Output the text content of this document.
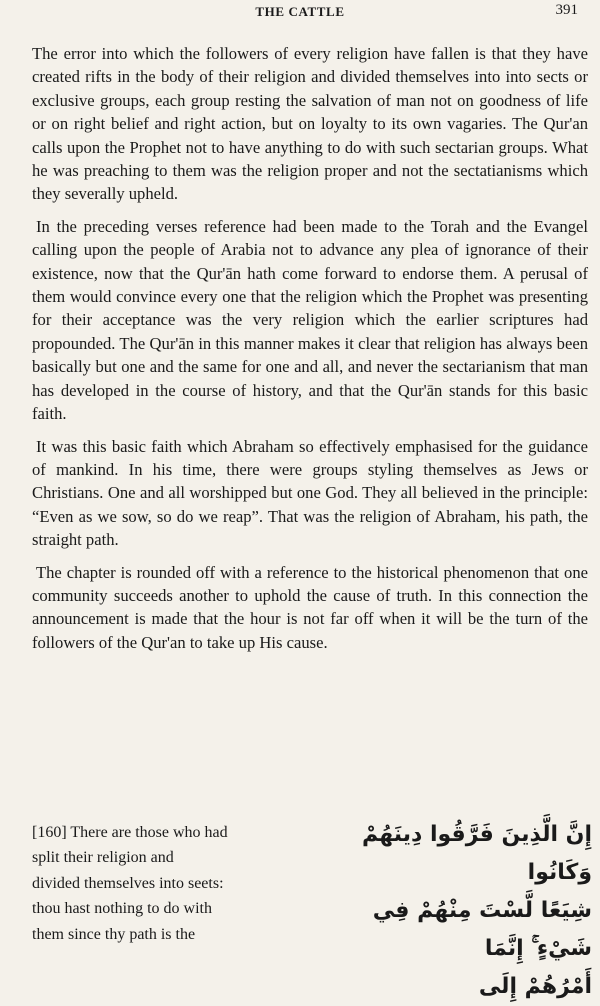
THE CATTLE	391

The error into which the followers of every religion have fallen is that they have created rifts in the body of their religion and divided themselves into into sects or exclusive groups, each group resting the salvation of man not on goodness of life or on right belief and right action, but on loyalty to its own vagaries. The Qur'an calls upon the Prophet not to have anything to do with such sectarian groups. What he was preaching to them was the religion proper and not the sectatianisms which they severally upheld.

In the preceding verses reference had been made to the Torah and the Evangel calling upon the people of Arabia not to advance any plea of ignorance of their existence, now that the Qur'ān hath come forward to endorse them. A perusal of them would convince every one that the religion which the Prophet was presenting for their acceptance was the very religion which the earlier scriptures had propounded. The Qur'ān in this manner makes it clear that religion has always been basically but one and the same for one and all, and never the sectarianism that man has developed in the course of history, and that the Qur'ān stands for this basic faith.

It was this basic faith which Abraham so effectively emphasised for the guidance of mankind. In his time, there were groups styling themselves as Jews or Christians. One and all worshipped but one God. They all believed in the principle: “Even as we sow, so do we reap”. That was the religion of Abraham, his path, the straight path.

The chapter is rounded off with a reference to the historical phenomenon that one community succeeds another to uphold the cause of truth. In this connection the announcement is made that the hour is not far off when it will be the turn of the followers of the Qur'an to take up His cause.

[160] There are those who had
split their religion and
divided themselves into seets:
thou hast nothing to do with
them since thy path is the
إِنَّ الَّذِينَ فَرَّقُوا دِينَهُمْ وَكَانُوا
شِيَعًا لَّسْتَ مِنْهُمْ فِي شَيْءٍ ۚ إِنَّمَا
أَمْرُهُمْ إِلَى
